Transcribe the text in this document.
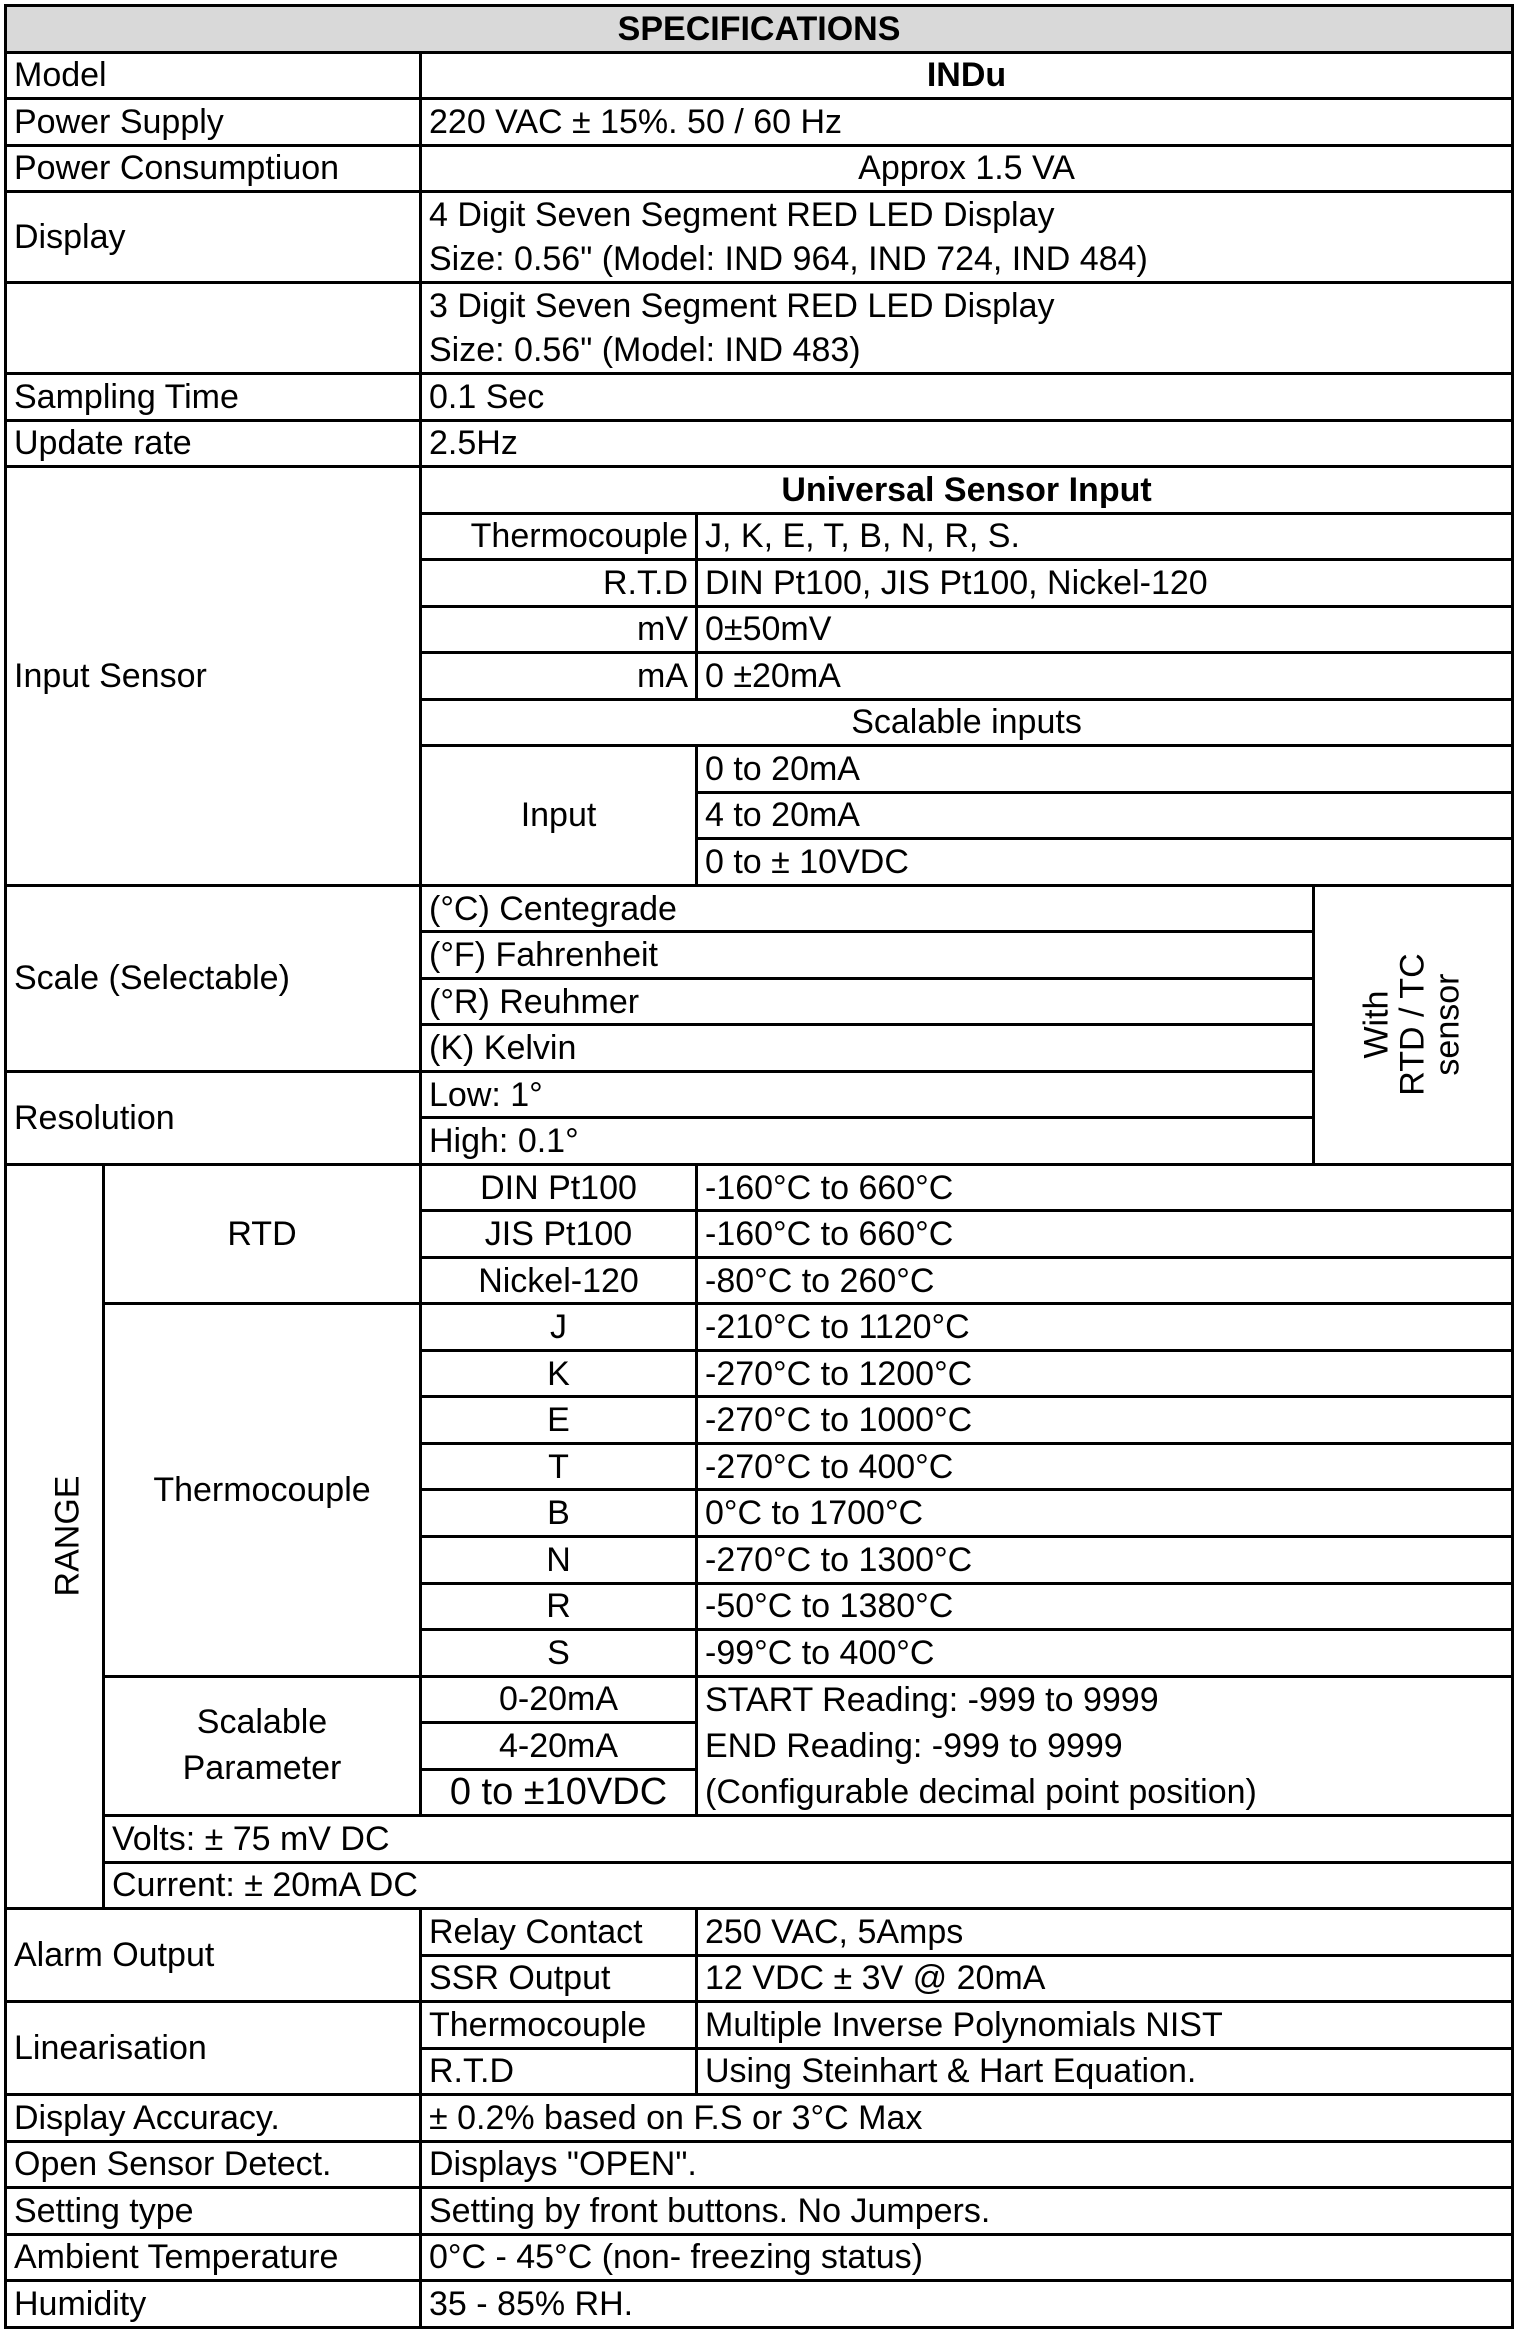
SPECIFICATIONS				
Model		INDu		
Power Supply		220 VAC ± 15%. 50 / 60 Hz		
Power Consumptiuon		Approx 1.5 VA		
Display		4 Digit Seven Segment RED LED Display
Size: 0.56" (Model: IND 964, IND 724, IND 484)		

		3 Digit Seven Segment RED LED Display
Size: 0.56" (Model: IND 483)		

Sampling Time		0.1 Sec		
Update rate		2.5Hz		
Input Sensor		Universal Sensor Input		
		Thermocouple	J, K, E, T, B, N, R, S.	
		R.T.D	DIN Pt100, JIS Pt100, Nickel-120	
		mV	0±50mV	
		mA	0 ±20mA	
		Scalable inputs		
		Input	0 to 20mA	
			4 to 20mA	
			0 to ± 10VDC	
Scale (Selectable)		(°C) Centegrade		With
RTD / TC
sensor

		(°F) Fahrenheit		
		(°R) Reuhmer		
		(K) Kelvin		
Resolution		Low: 1°		
		High: 0.1°		
RANGE	RTD	DIN Pt100	-160°C to 660°C	
		JIS Pt100	-160°C to 660°C	
		Nickel-120	-80°C to 260°C	
	Thermocouple	J	-210°C to 1120°C	
		K	-270°C to 1200°C	
		E	-270°C to 1000°C	
		T	-270°C to 400°C	
		B	0°C to 1700°C	
		N	-270°C to 1300°C	
		R	-50°C to 1380°C	
		S	-99°C to 400°C	

	Scalable
Parameter	0-20mA	START Reading: -999 to 9999
END Reading: -999 to 9999
(Configurable decimal point position)	

		4-20mA		
		0 to ±10VDC		
	Volts: ± 75 mV DC			
	Current: ± 20mA DC			
Alarm Output		Relay Contact	250 VAC, 5Amps	
		SSR Output	12 VDC ± 3V @ 20mA	
Linearisation		Thermocouple	Multiple Inverse Polynomials NIST	
		R.T.D	Using Steinhart & Hart Equation.	
Display Accuracy.		± 0.2% based on F.S or 3°C Max		
Open Sensor Detect.		Displays "OPEN".		
Setting type		Setting by front buttons. No Jumpers.		
Ambient Temperature		0°C - 45°C (non- freezing status)		
Humidity		35 - 85% RH.		
